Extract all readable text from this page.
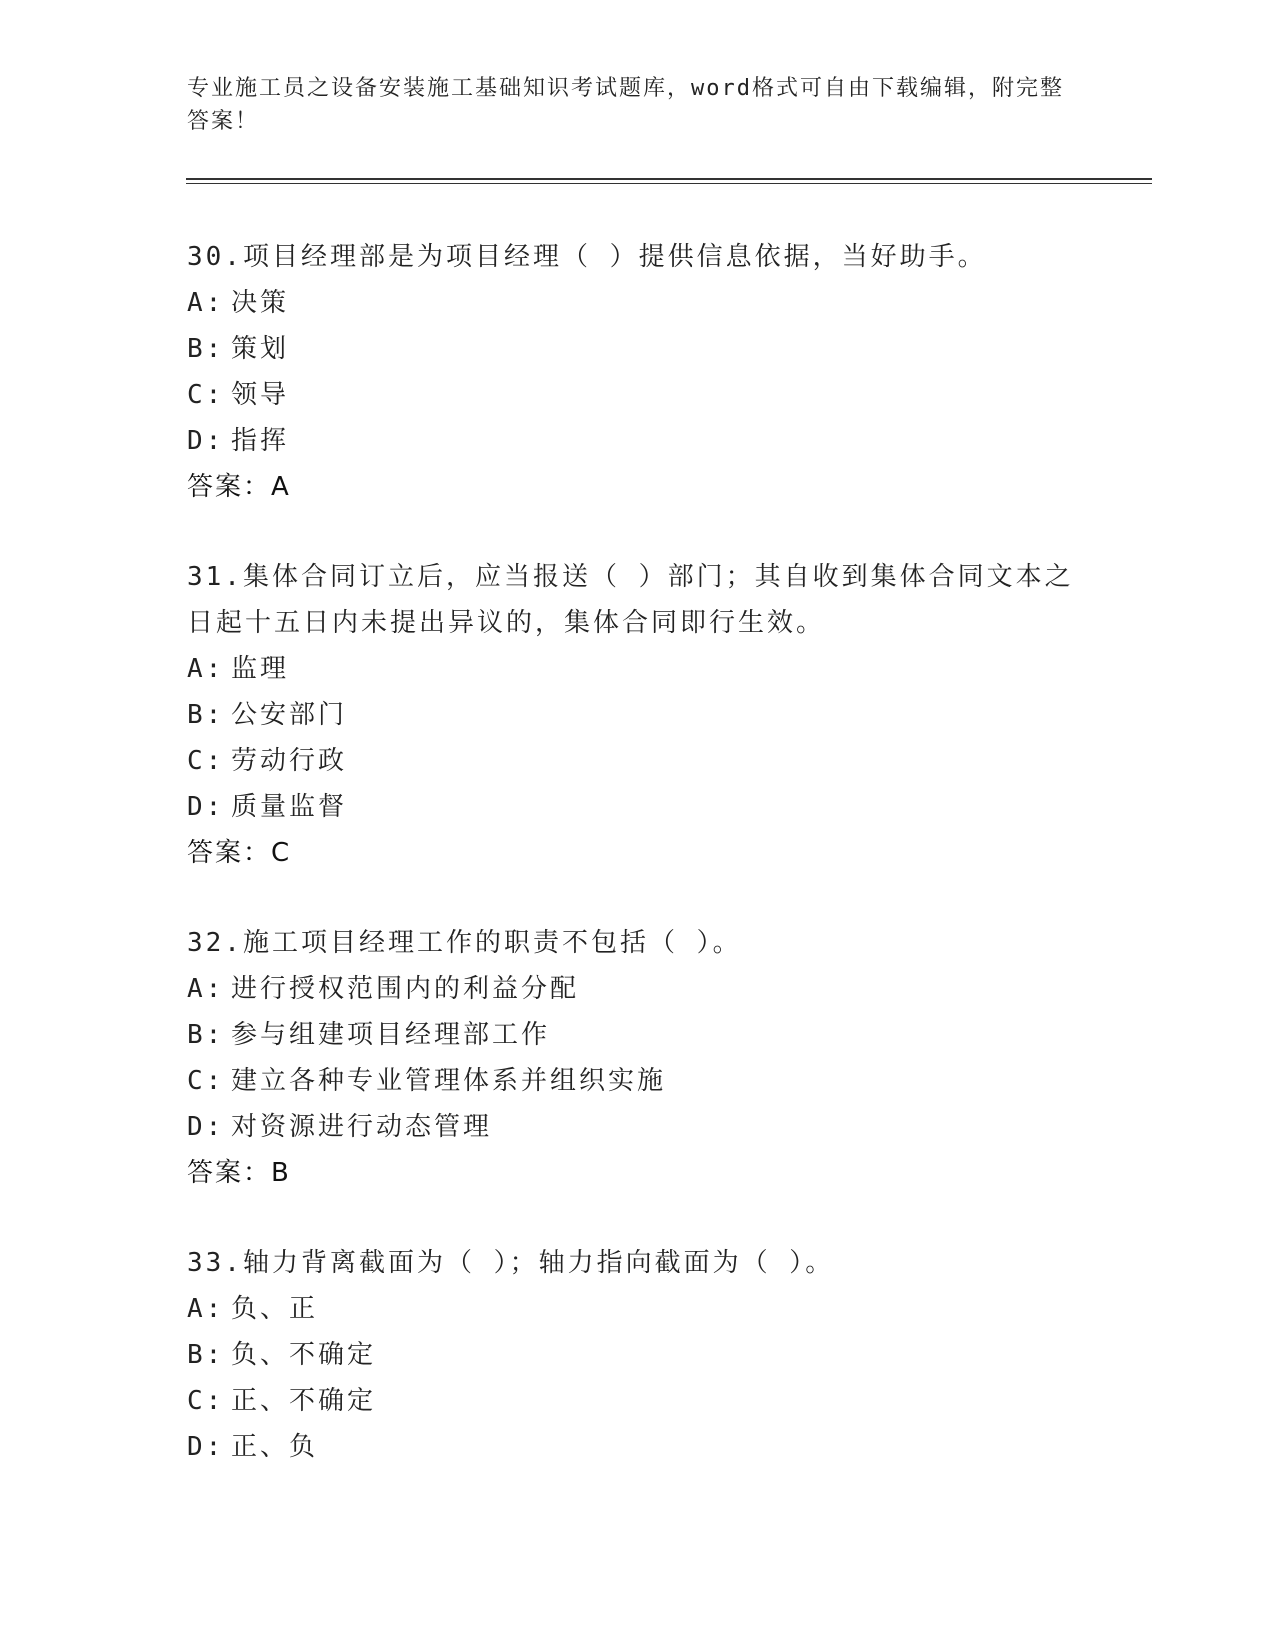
专业施工员之设备安装施工基础知识考试题库，word格式可自由下载编辑，附完整答案！

30.项目经理部是为项目经理（ ）提供信息依据，当好助手。

A: 决策

B: 策划

C: 领导

D: 指挥

答案：A

31.集体合同订立后，应当报送（ ）部门；其自收到集体合同文本之日起十五日内未提出异议的，集体合同即行生效。

A: 监理

B: 公安部门

C: 劳动行政

D: 质量监督

答案：C

32.施工项目经理工作的职责不包括（ ）。

A: 进行授权范围内的利益分配

B: 参与组建项目经理部工作

C: 建立各种专业管理体系并组织实施

D: 对资源进行动态管理

答案：B

33.轴力背离截面为（ ）；轴力指向截面为（ ）。

A: 负、正

B: 负、不确定

C: 正、不确定

D: 正、负
